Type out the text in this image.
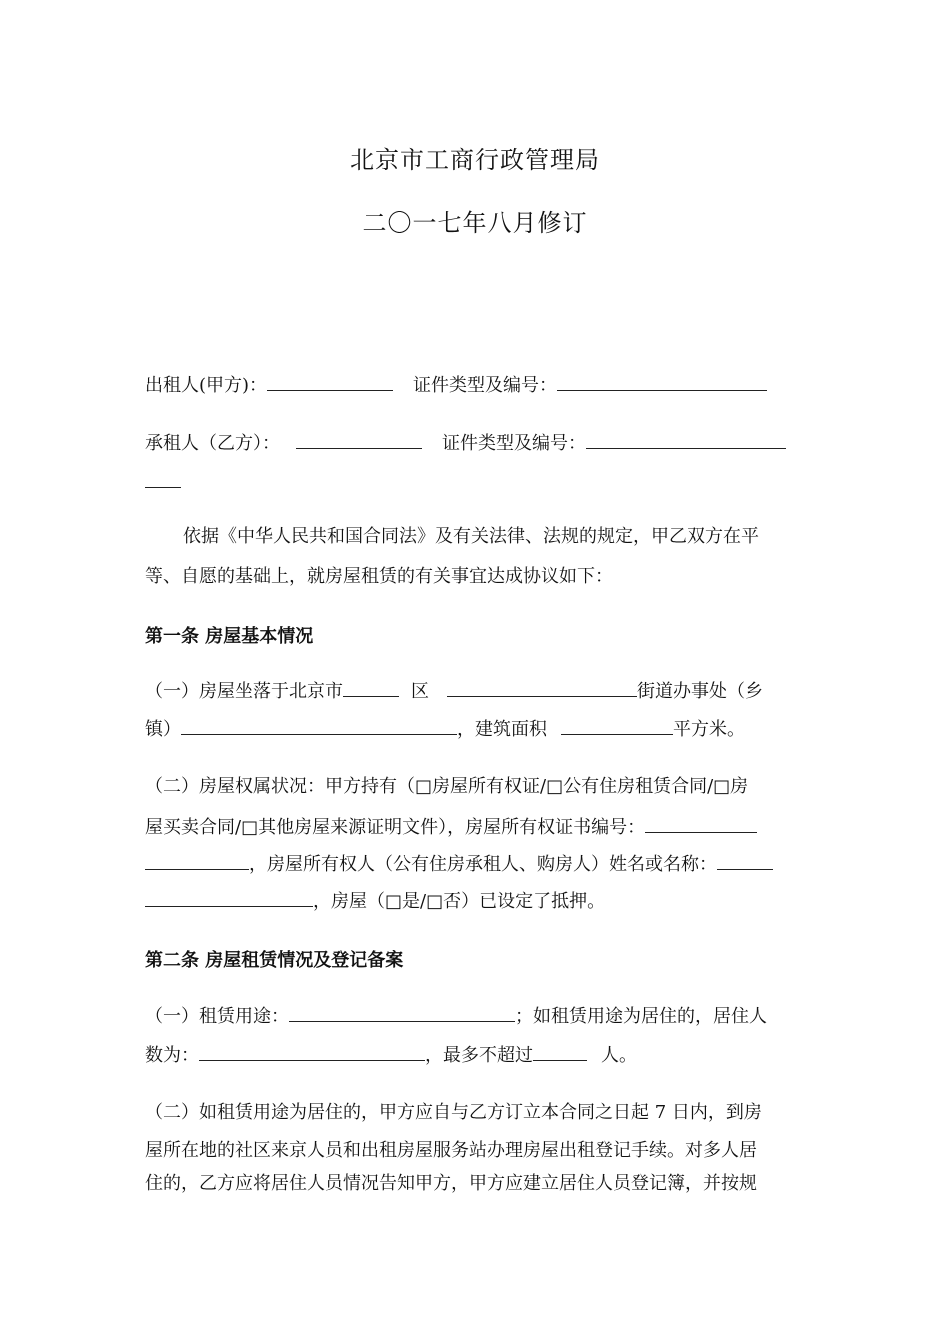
北京市工商行政管理局
二〇一七年八月修订
出租人(甲方)：	证件类型及编号：
承租人（乙方）：	证件类型及编号：
依据《中华人民共和国合同法》及有关法律、法规的规定，甲乙双方在平
等、自愿的基础上，就房屋租赁的有关事宜达成协议如下：
第一条 房屋基本情况
（一）房屋坐落于北京市	区	街道办事处（乡
镇）	，建筑面积	平方米。
（二）房屋权属状况：甲方持有（□房屋所有权证/□公有住房租赁合同/□房
屋买卖合同/□其他房屋来源证明文件），房屋所有权证书编号：
，房屋所有权人（公有住房承租人、购房人）姓名或名称：
，房屋（□是/□否）已设定了抵押。
第二条 房屋租赁情况及登记备案
（一）租赁用途：	；如租赁用途为居住的，居住人
数为：	，最多不超过	人。
（二）如租赁用途为居住的，甲方应自与乙方订立本合同之日起 7 日内，到房
屋所在地的社区来京人员和出租房屋服务站办理房屋出租登记手续。对多人居
住的，乙方应将居住人员情况告知甲方，甲方应建立居住人员登记簿，并按规
